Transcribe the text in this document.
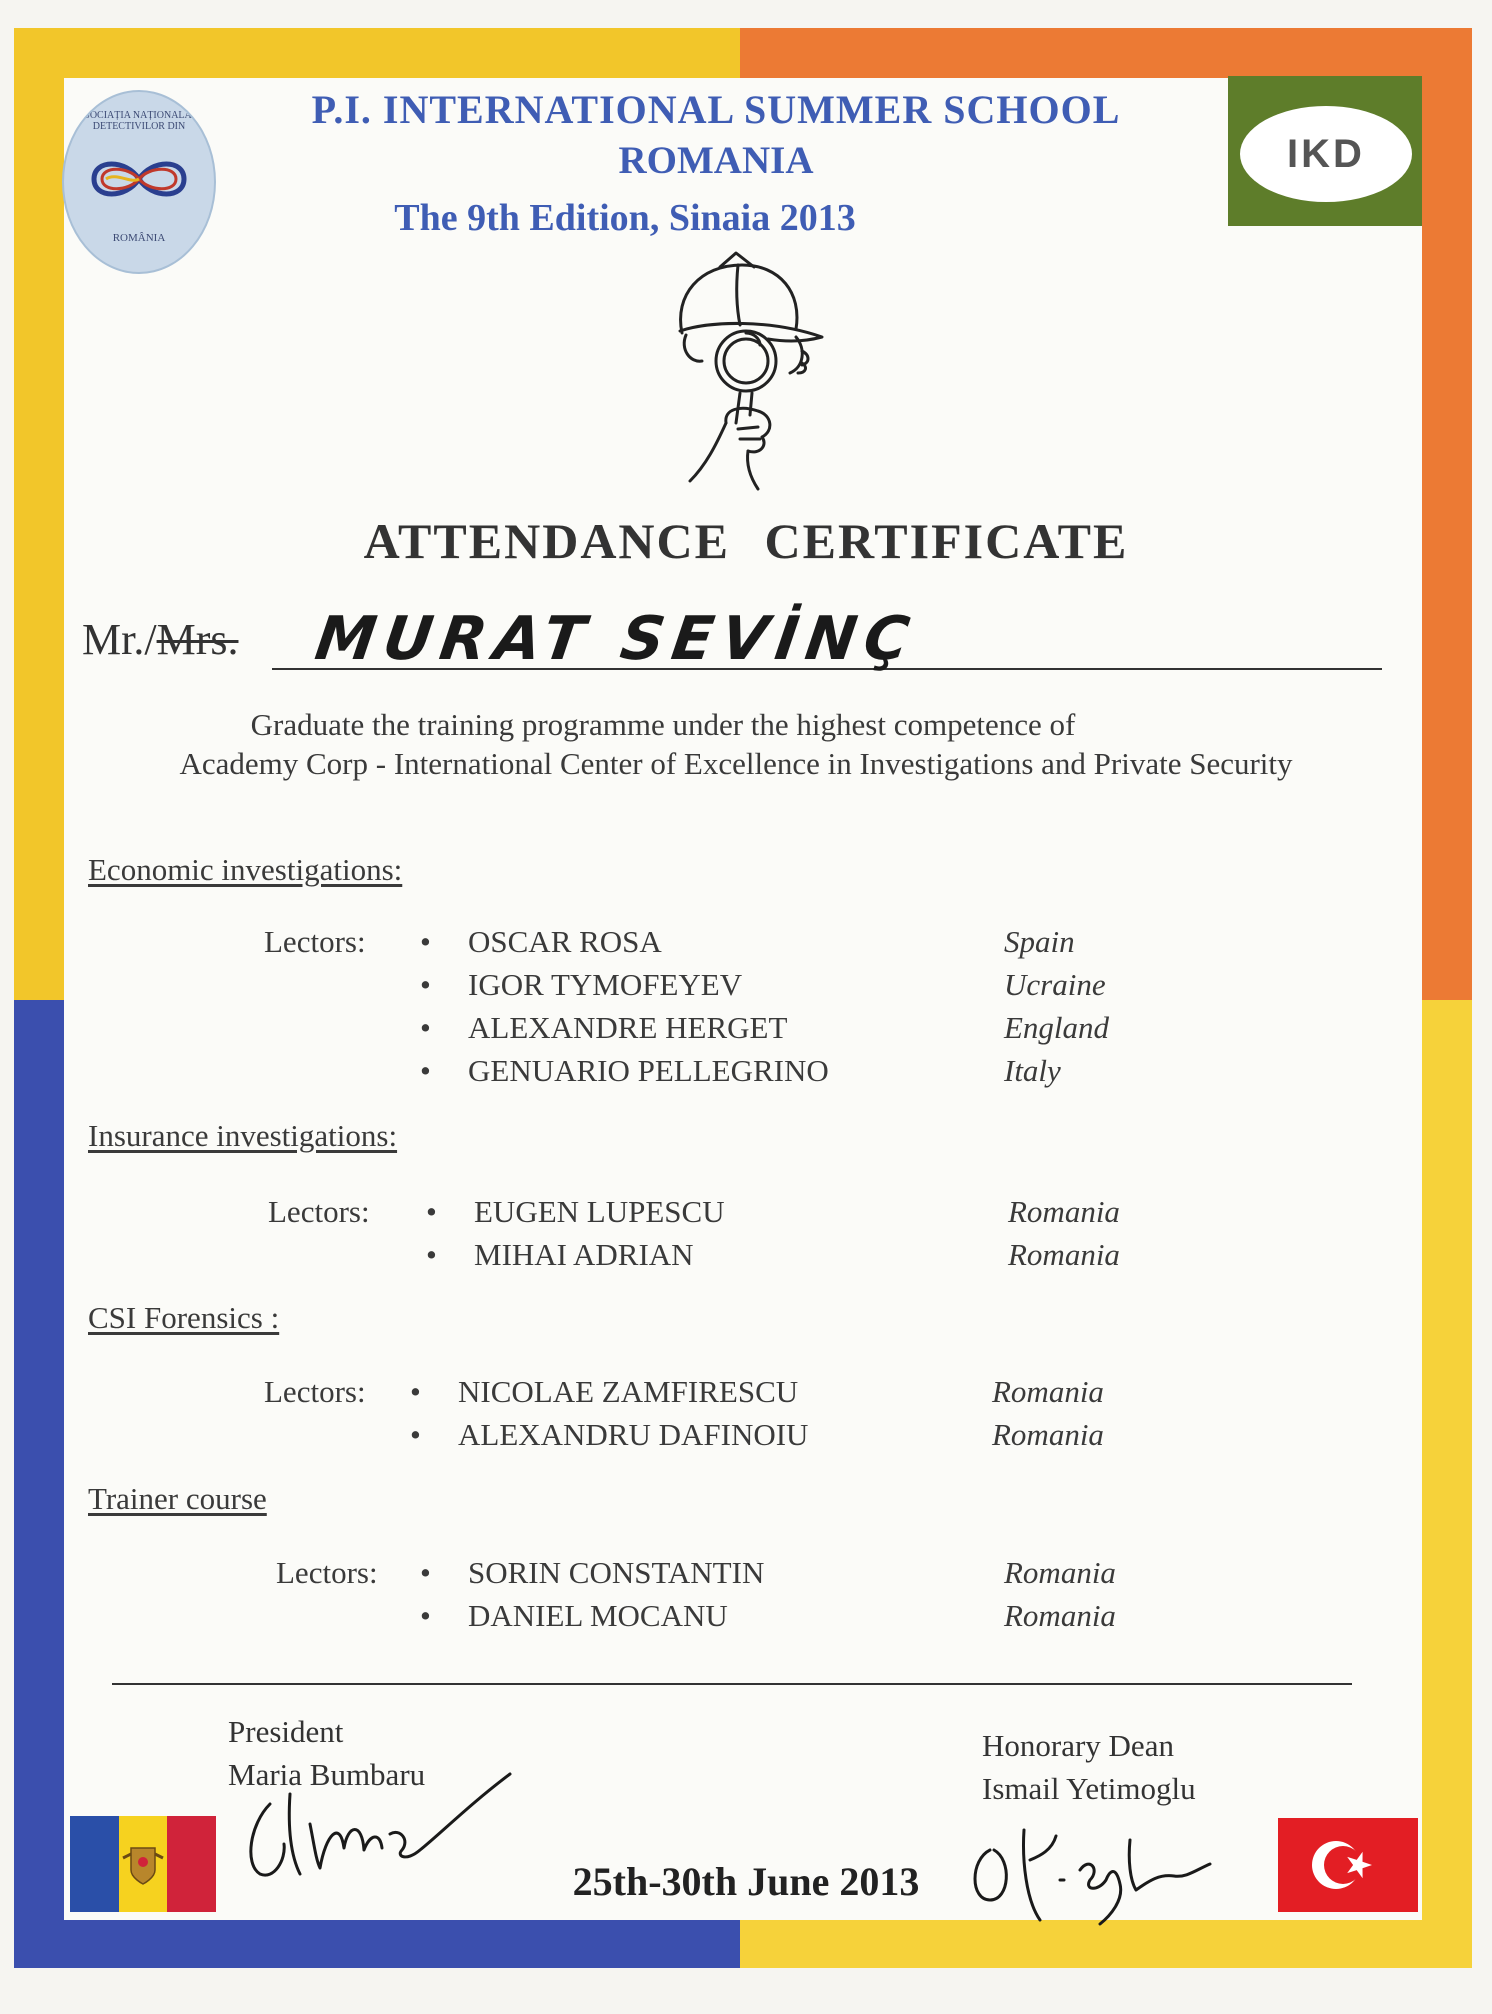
ASOCIAȚIA NAȚIONALĂ A DETECTIVILOR DIN
ROMÂNIA
IKD
P.I. INTERNATIONAL SUMMER SCHOOL
ROMANIA
The 9th Edition, Sinaia 2013
ATTENDANCE CERTIFICATE
Mr./Mrs. MURAT SEVİNÇ
Graduate the training programme under the highest competence of
Academy Corp - International Center of Excellence in Investigations and Private Security
Economic investigations:
Lectors: • OSCAR ROSA	Spain
• IGOR TYMOFEYEV	Ucraine
• ALEXANDRE HERGET	England
• GENUARIO PELLEGRINO	Italy
Insurance investigations:
Lectors: • EUGEN LUPESCU	Romania
• MIHAI ADRIAN	Romania
CSI Forensics :
Lectors: • NICOLAE ZAMFIRESCU	Romania
• ALEXANDRU DAFINOIU	Romania
Trainer course
Lectors: • SORIN CONSTANTIN	Romania
• DANIEL MOCANU	Romania
President
Maria Bumbaru
Honorary Dean
Ismail Yetimoglu
25th-30th June 2013
